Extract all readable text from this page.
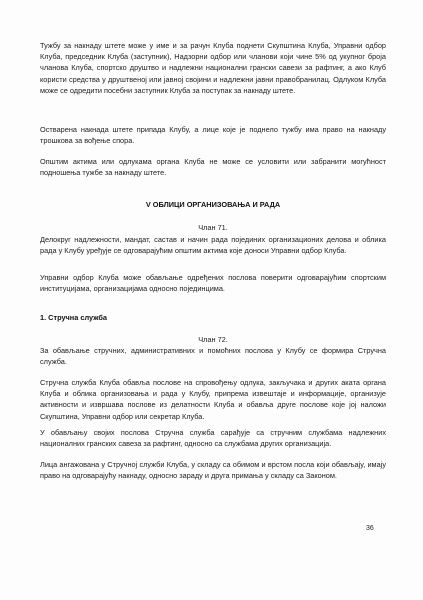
Тужбу за накнаду штете може у име и за рачун Клуба поднети Скупштина Клуба, Управни одбор Клуба, председник Клуба (заступник), Надзорни одбор или чланови који чине 5% од укупног броја чланова Клуба, спортско друштво и надлежни национални грански савези за рафтинг, а ако Клуб користи средства у друштвеној или јавној својини и надлежни јавни правобранилац. Одлуком Клуба може се одредити посебни заступник Клуба за поступак за накнаду штете.

Остварена накнада штете припада Клубу, а лице које је поднело тужбу има право на накнаду трошкова за вођење спора.

Општим актима или одлукама органа Клуба не може се условити или забранити могућност подношења тужбе за накнаду штете.

V ОБЛИЦИ ОРГАНИЗОВАЊА И РАДА

Члан 71.

Делокруг надлежности, мандат, састав и начин рада појединих организационих делова и облика рада у Клубу уређује се одговарајућим општим актима које доноси Управни одбор Клуба.

Управни одбор Клуба може обављање одређених послова поверити одговарајућим спортским институцијама, организацијама односно појединцима.

1. Стручна служба

Члан 72.

За обављање стручних, административних и помоћних послова у Клубу се формира Стручна служба.

Стручна служба Клуба обавља послове на спровођењу одлука, закључака и других аката органа Клуба и облика организовања и рада у Клубу, припрема извештаје и информације, организује активности и извршава послове из делатности Клуба и обавља друге послове које јој наложи Скупштина, Управни одбор или секретар Клуба.

У обављању својих послова Стручна служба сарађује са стручним службама надлежних националних гранских савеза за рафтинг, односно са службама других организација.

Лица ангажована у Стручној служби Клуба, у складу са обимом и врстом посла који обављају, имају право на одговарајућу накнаду, односно зараду и друга примања у складу са Законом.

36
